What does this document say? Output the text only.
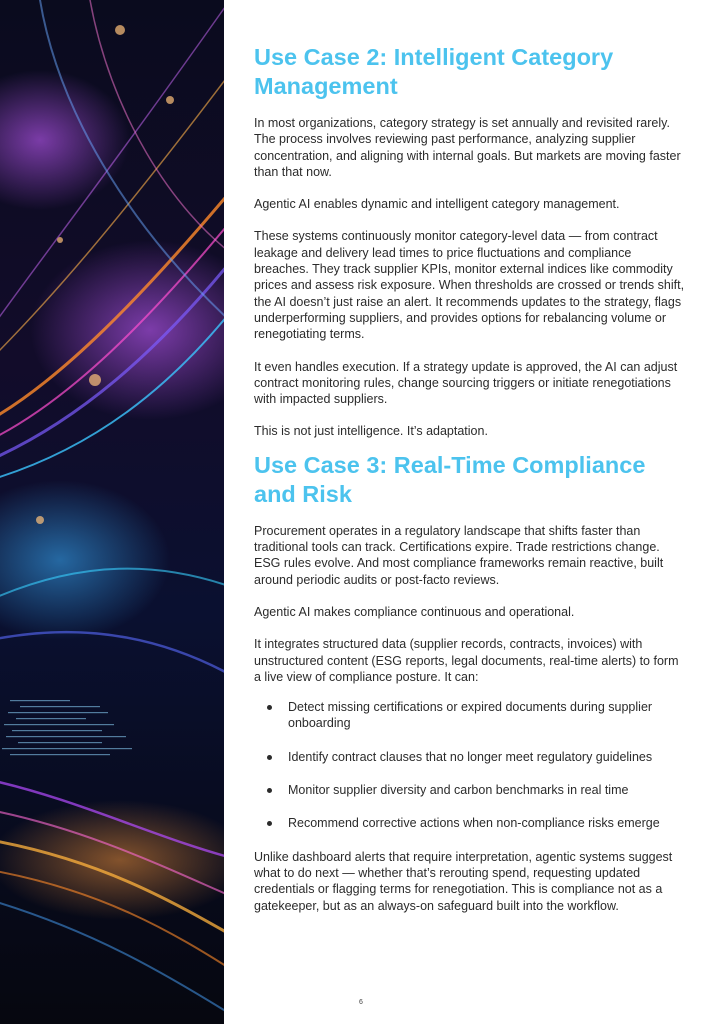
Use Case 2: Intelligent Category Management

In most organizations, category strategy is set annually and revisited rarely. The process involves reviewing past performance, analyzing supplier concentration, and aligning with internal goals. But markets are moving faster than that now.

Agentic AI enables dynamic and intelligent category management.

These systems continuously monitor category-level data — from contract leakage and delivery lead times to price fluctuations and compliance breaches. They track supplier KPIs, monitor external indices like commodity prices and assess risk exposure. When thresholds are crossed or trends shift, the AI doesn’t just raise an alert. It recommends updates to the strategy, flags underperforming suppliers, and provides options for rebalancing volume or renegotiating terms.

It even handles execution. If a strategy update is approved, the AI can adjust contract monitoring rules, change sourcing triggers or initiate renegotiations with impacted suppliers.

This is not just intelligence. It’s adaptation.

Use Case 3: Real-Time Compliance and Risk

Procurement operates in a regulatory landscape that shifts faster than traditional tools can track. Certifications expire. Trade restrictions change. ESG rules evolve. And most compliance frameworks remain reactive, built around periodic audits or post-facto reviews.

Agentic AI makes compliance continuous and operational.

It integrates structured data (supplier records, contracts, invoices) with unstructured content (ESG reports, legal documents, real-time alerts) to form a live view of compliance posture. It can:

Detect missing certifications or expired documents during supplier onboarding
Identify contract clauses that no longer meet regulatory guidelines
Monitor supplier diversity and carbon benchmarks in real time
Recommend corrective actions when non-compliance risks emerge

Unlike dashboard alerts that require interpretation, agentic systems suggest what to do next — whether that’s rerouting spend, requesting updated credentials or flagging terms for renegotiation. This is compliance not as a gatekeeper, but as an always-on safeguard built into the workflow.

6
